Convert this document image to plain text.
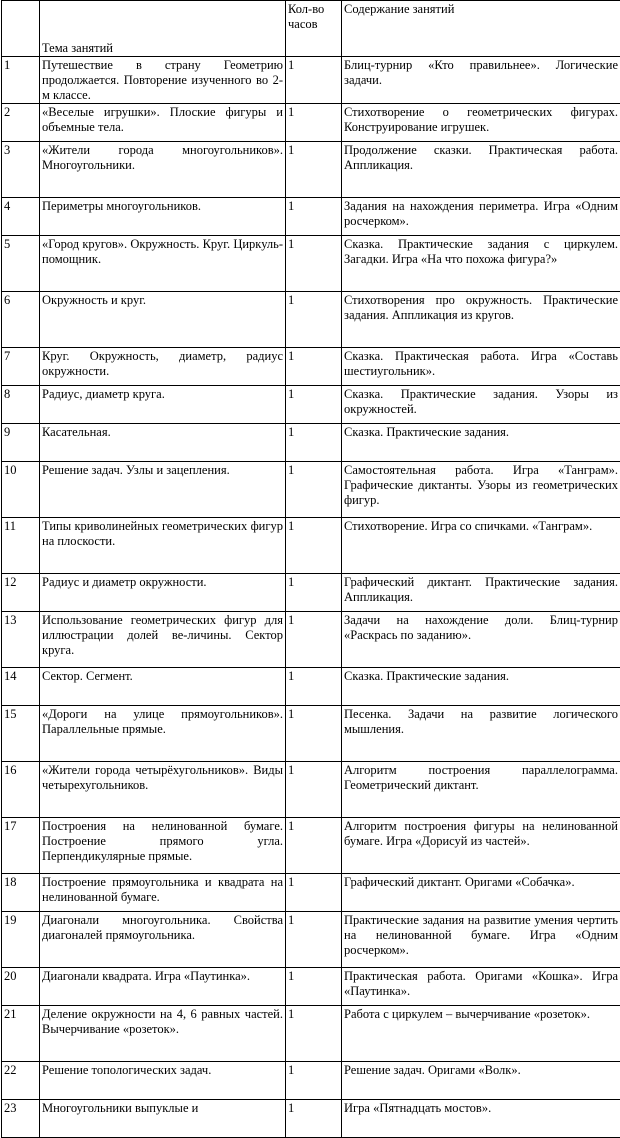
	Тема занятий	Кол-во часов	Содержание занятий
1	Путешествие в страну Геометрию продолжается. Повторение изученного во 2-м классе.	1	Блиц-турнир «Кто правильнее». Логические задачи.
2	«Веселые игрушки». Плоские фигуры и объемные тела.	1	Стихотворение о геометрических фигурах. Конструирование игрушек.
3	«Жители города многоугольников». Многоугольники.	1	Продолжение сказки. Практическая работа. Аппликация.
4	Периметры многоугольников.	1	Задания на нахождения периметра. Игра «Одним росчерком».
5	«Город кругов». Окружность. Круг. Циркуль-помощник.	1	Сказка. Практические задания с циркулем. Загадки. Игра «На что похожа фигура?»
6	Окружность и круг.	1	Стихотворения про окружность. Практические задания. Аппликация из кругов.
7	Круг. Окружность, диаметр, радиус окружности.	1	Сказка. Практическая работа. Игра «Составь шестиугольник».
8	Радиус, диаметр круга.	1	Сказка. Практические задания. Узоры из окружностей.
9	Касательная.	1	Сказка. Практические задания.
10	Решение задач. Узлы и зацепления.	1	Самостоятельная работа. Игра «Танграм». Графические диктанты. Узоры из геометрических фигур.
11	Типы криволинейных геометрических фигур на плоскости.	1	Стихотворение. Игра со спичками. «Танграм».
12	Радиус и диаметр окружности.	1	Графический диктант. Практические задания. Аппликация.
13	Использование геометрических фигур для иллюстрации долей ве-личины. Сектор круга.	1	Задачи на нахождение доли. Блиц-турнир «Раскрась по заданию».
14	Сектор. Сегмент.	1	Сказка. Практические задания.
15	«Дороги на улице прямоугольников». Параллельные прямые.	1	Песенка. Задачи на развитие логического мышления.
16	«Жители города четырёхугольников». Виды четырехугольников.	1	Алгоритм построения параллелограмма. Геометрический диктант.
17	Построения на нелинованной бумаге. Построение прямого угла. Перпендикулярные прямые.	1	Алгоритм построения фигуры на нелинованной бумаге. Игра «Дорисуй из частей».
18	Построение прямоугольника и квадрата на нелинованной бумаге.	1	Графический диктант. Оригами «Собачка».
19	Диагонали многоугольника. Свойства диагоналей прямоугольника.	1	Практические задания на развитие умения чертить на нелинованной бумаге. Игра «Одним росчерком».
20	Диагонали квадрата. Игра «Паутинка».	1	Практическая работа. Оригами «Кошка». Игра «Паутинка».
21	Деление окружности на 4, 6 равных частей. Вычерчивание «розеток».	1	Работа с циркулем – вычерчивание «розеток».
22	Решение топологических задач.	1	Решение задач. Оригами «Волк».
23	Многоугольники выпуклые и	1	Игра «Пятнадцать мостов».
